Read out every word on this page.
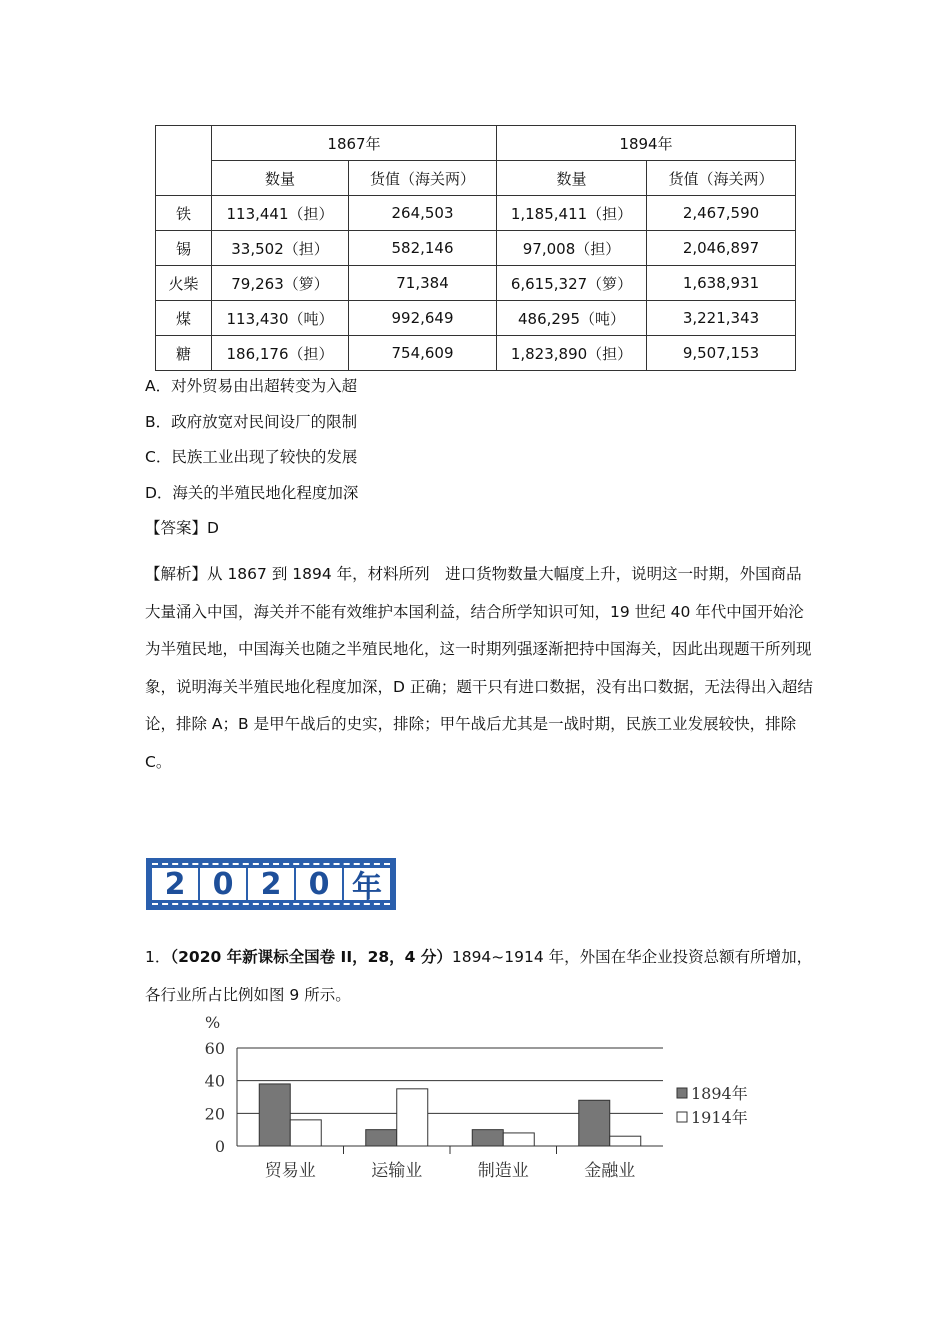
	1867年		1894年	
	数量	货值（海关两）	数量	货值（海关两）
铁	113,441（担）	264,503	1,185,411（担）	2,467,590
锡	33,502（担）	582,146	97,008（担）	2,046,897
火柴	79,263（箩）	71,384	6,615,327（箩）	1,638,931
煤	113,430（吨）	992,649	486,295（吨）	3,221,343
糖	186,176（担）	754,609	1,823,890（担）	9,507,153
A．对外贸易由出超转变为入超
B．政府放宽对民间设厂的限制
C．民族工业出现了较快的发展
D．海关的半殖民地化程度加深
【答案】D
【解析】从 1867 到 1894 年，材料所列　进口货物数量大幅度上升，说明这一时期，外国商品大量涌入中国，海关并不能有效维护本国利益，结合所学知识可知，19 世纪 40 年代中国开始沦为半殖民地，中国海关也随之半殖民地化，这一时期列强逐渐把持中国海关，因此出现题干所列现象，说明海关半殖民地化程度加深，D 正确；题干只有进口数据，没有出口数据，无法得出入超结论，排除 A；B 是甲午战后的史实，排除；甲午战后尤其是一战时期，民族工业发展较快，排除 C。
2 0 2 0 年
1．（2020 年新课标全国卷 II，28，4 分）1894~1914 年，外国在华企业投资总额有所增加，
各行业所占比例如图 9 所示。
%
0
20
40
60
贸易业	运输业	制造业	金融业
1894年
1914年
